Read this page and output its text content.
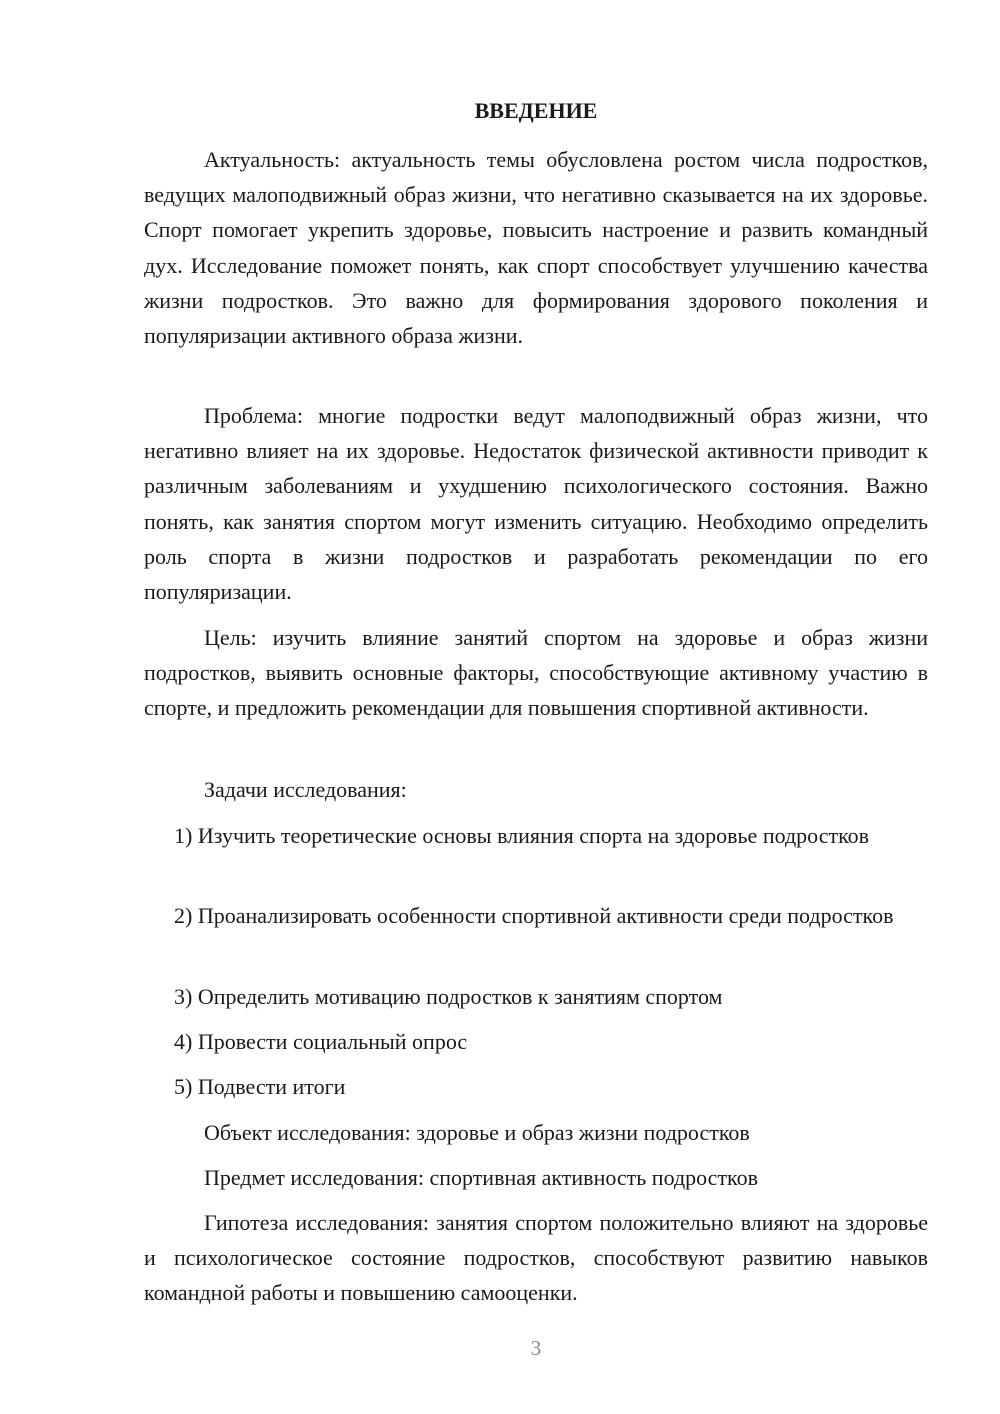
ВВЕДЕНИЕ

Актуальность: актуальность темы обусловлена ростом числа подростков, ведущих малоподвижный образ жизни, что негативно сказывается на их здоровье. Спорт помогает укрепить здоровье, повысить настроение и развить командный дух. Исследование поможет понять, как спорт способствует улучшению качества жизни подростков. Это важно для формирования здорового поколения и популяризации активного образа жизни.

Проблема: многие подростки ведут малоподвижный образ жизни, что негативно влияет на их здоровье. Недостаток физической активности приводит к различным заболеваниям и ухудшению психологического состояния. Важно понять, как занятия спортом могут изменить ситуацию. Необходимо определить роль спорта в жизни подростков и разработать рекомендации по его популяризации.

Цель: изучить влияние занятий спортом на здоровье и образ жизни подростков, выявить основные факторы, способствующие активному участию в спорте, и предложить рекомендации для повышения спортивной активности.

Задачи исследования:

1) Изучить теоретические основы влияния спорта на здоровье подростков

2) Проанализировать особенности спортивной активности среди подростков

3) Определить мотивацию подростков к занятиям спортом

4) Провести социальный опрос

5) Подвести итоги

Объект исследования: здоровье и образ жизни подростков

Предмет исследования: спортивная активность подростков

Гипотеза исследования: занятия спортом положительно влияют на здоровье и психологическое состояние подростков, способствуют развитию навыков командной работы и повышению самооценки.

3
